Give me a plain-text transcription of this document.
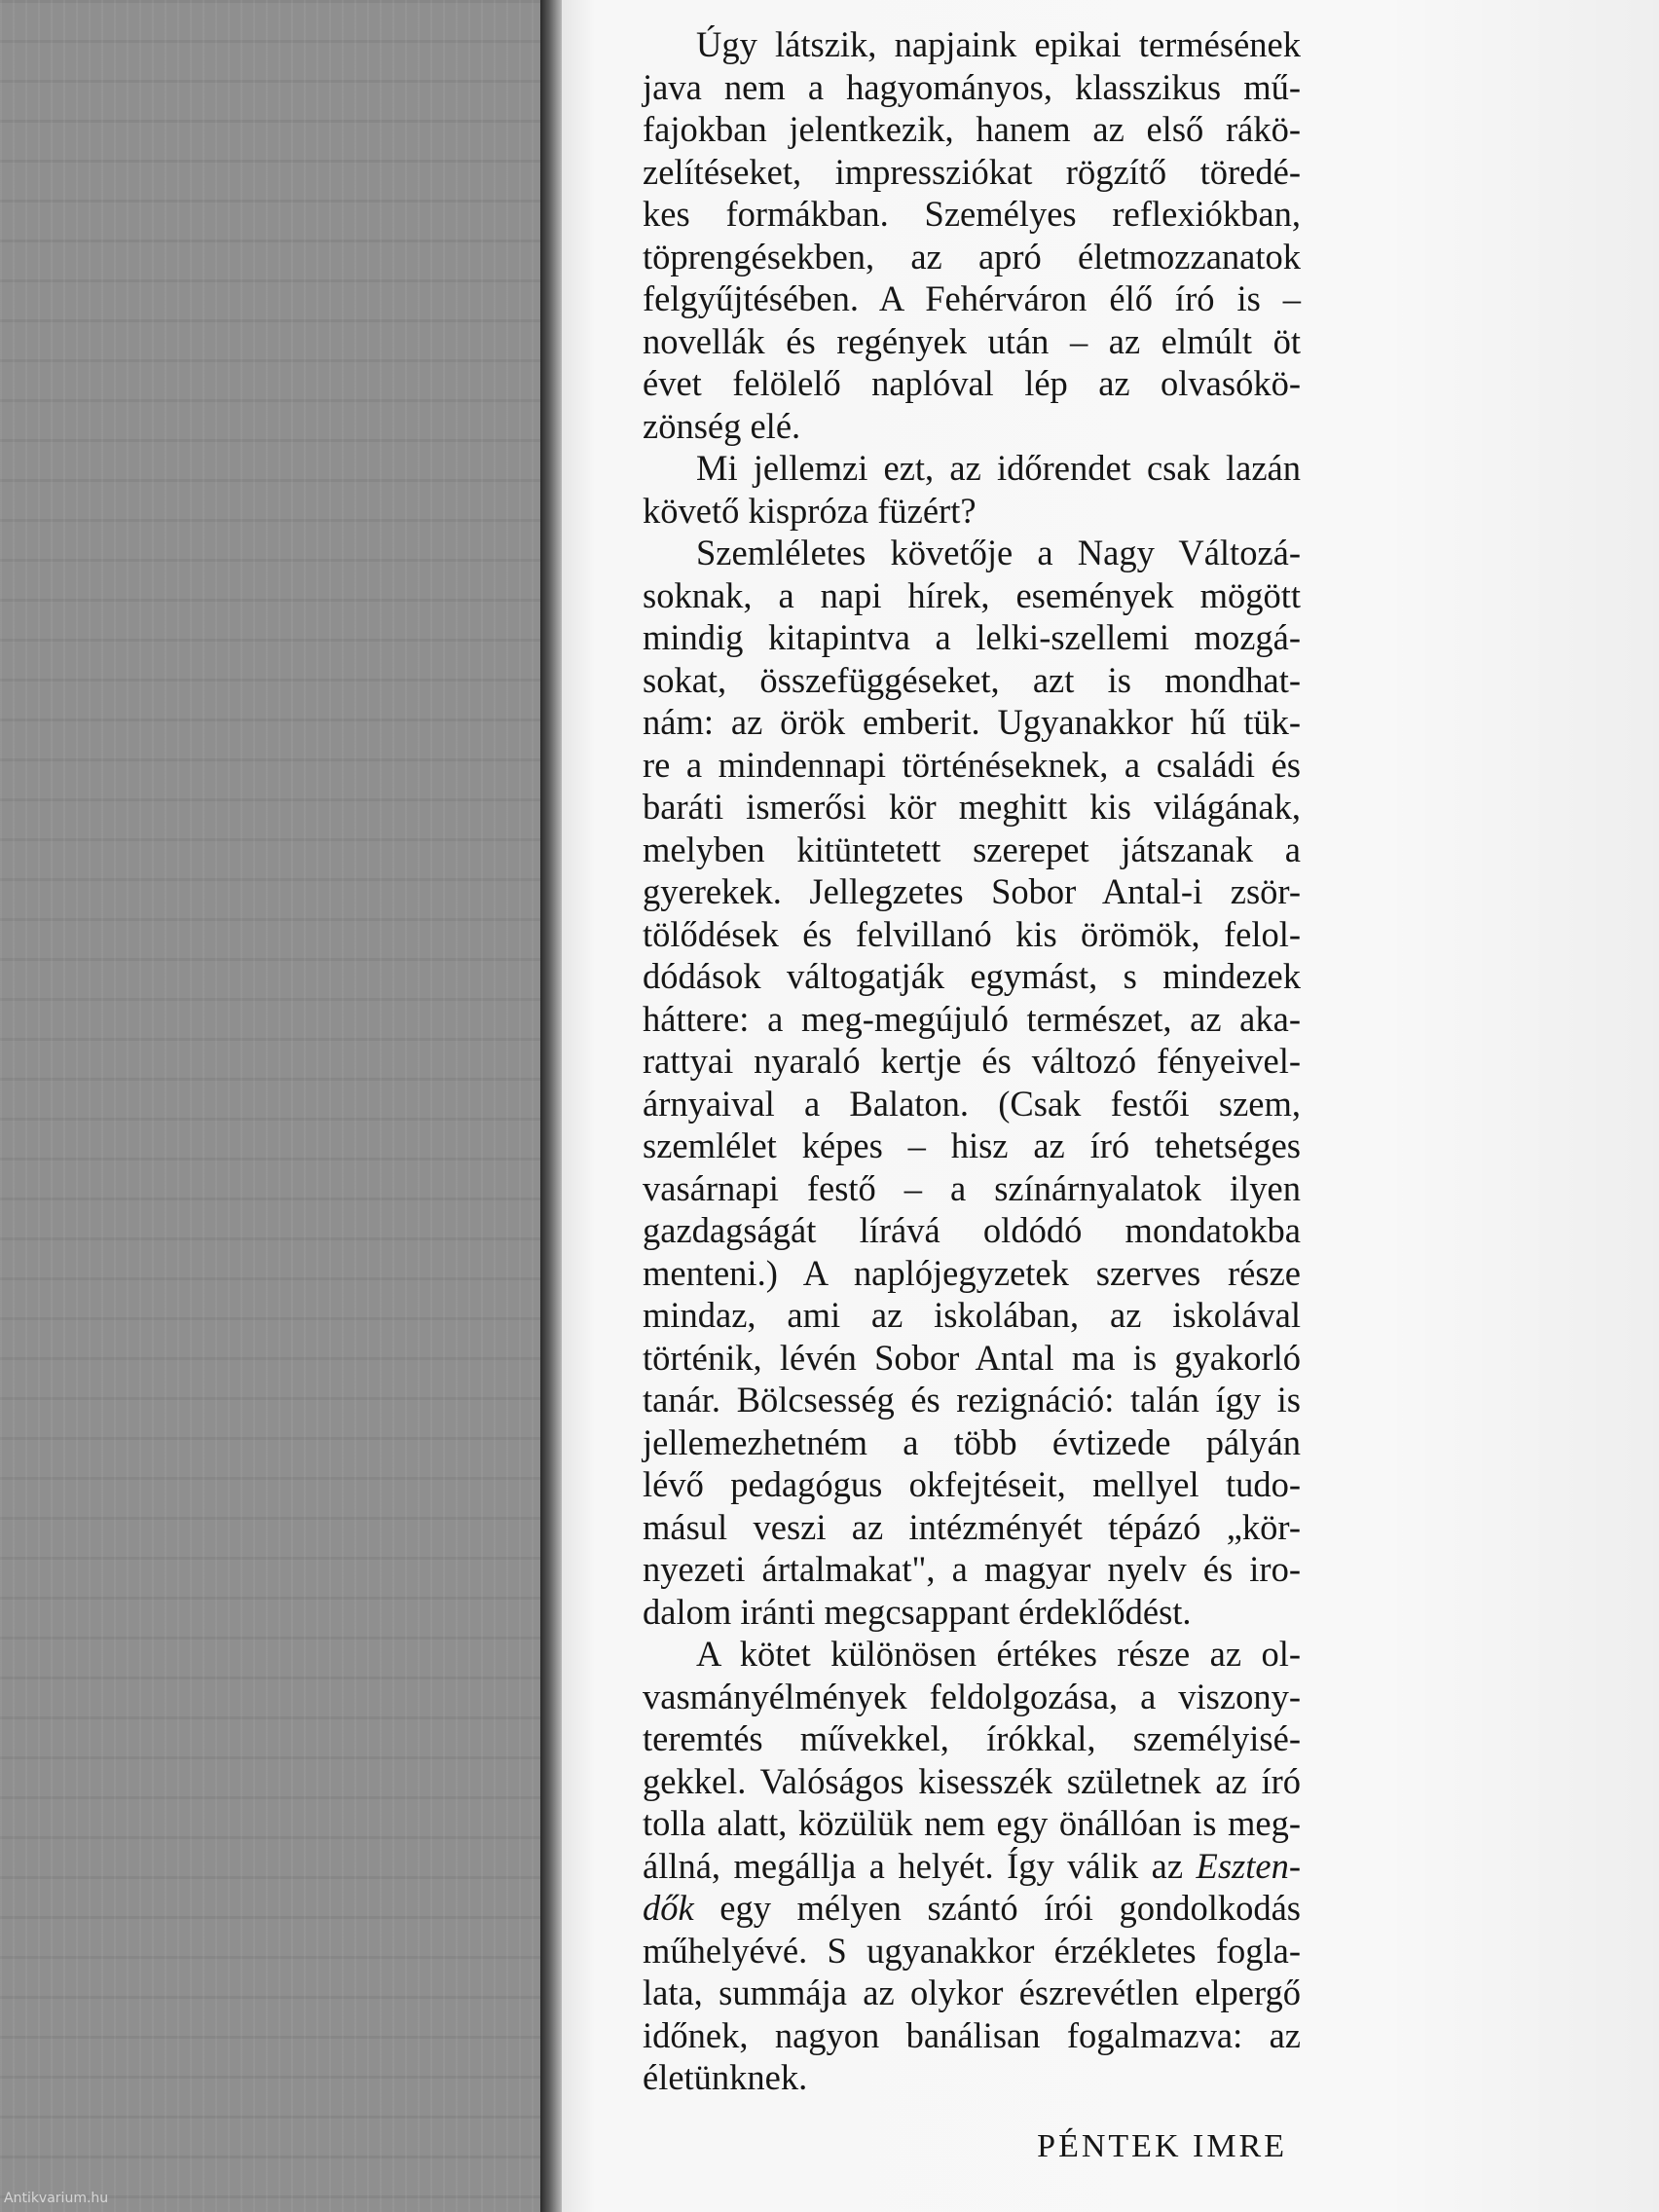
Úgy látszik, napjaink epikai termésének
java nem a hagyományos, klasszikus mű-
fajokban jelentkezik, hanem az első rákö-
zelítéseket, impressziókat rögzítő töredé-
kes formákban. Személyes reflexiókban,
töprengésekben, az apró életmozzanatok
felgyűjtésében. A Fehérváron élő író is –
novellák és regények után – az elmúlt öt
évet felölelő naplóval lép az olvasókö-
zönség elé.
Mi jellemzi ezt, az időrendet csak lazán
követő kispróza füzért?
Szemléletes követője a Nagy Változá-
soknak, a napi hírek, események mögött
mindig kitapintva a lelki-szellemi mozgá-
sokat, összefüggéseket, azt is mondhat-
nám: az örök emberit. Ugyanakkor hű tük-
re a mindennapi történéseknek, a családi és
baráti ismerősi kör meghitt kis világának,
melyben kitüntetett szerepet játszanak a
gyerekek. Jellegzetes Sobor Antal-i zsör-
tölődések és felvillanó kis örömök, felol-
dódások váltogatják egymást, s mindezek
háttere: a meg-megújuló természet, az aka-
rattyai nyaraló kertje és változó fényeivel-
árnyaival a Balaton. (Csak festői szem,
szemlélet képes – hisz az író tehetséges
vasárnapi festő – a színárnyalatok ilyen
gazdagságát lírává oldódó mondatokba
menteni.) A naplójegyzetek szerves része
mindaz, ami az iskolában, az iskolával
történik, lévén Sobor Antal ma is gyakorló
tanár. Bölcsesség és rezignáció: talán így is
jellemezhetném a több évtizede pályán
lévő pedagógus okfejtéseit, mellyel tudo-
másul veszi az intézményét tépázó „kör-
nyezeti ártalmakat", a magyar nyelv és iro-
dalom iránti megcsappant érdeklődést.
A kötet különösen értékes része az ol-
vasmányélmények feldolgozása, a viszony-
teremtés művekkel, írókkal, személyisé-
gekkel. Valóságos kisesszék születnek az író
tolla alatt, közülük nem egy önállóan is meg-
állná, megállja a helyét. Így válik az Eszten-
dők egy mélyen szántó írói gondolkodás
műhelyévé. S ugyanakkor érzékletes fogla-
lata, summája az olykor észrevétlen elpergő
időnek, nagyon banálisan fogalmazva: az
életünknek.
PÉNTEK IMRE
Antikvarium.hu
